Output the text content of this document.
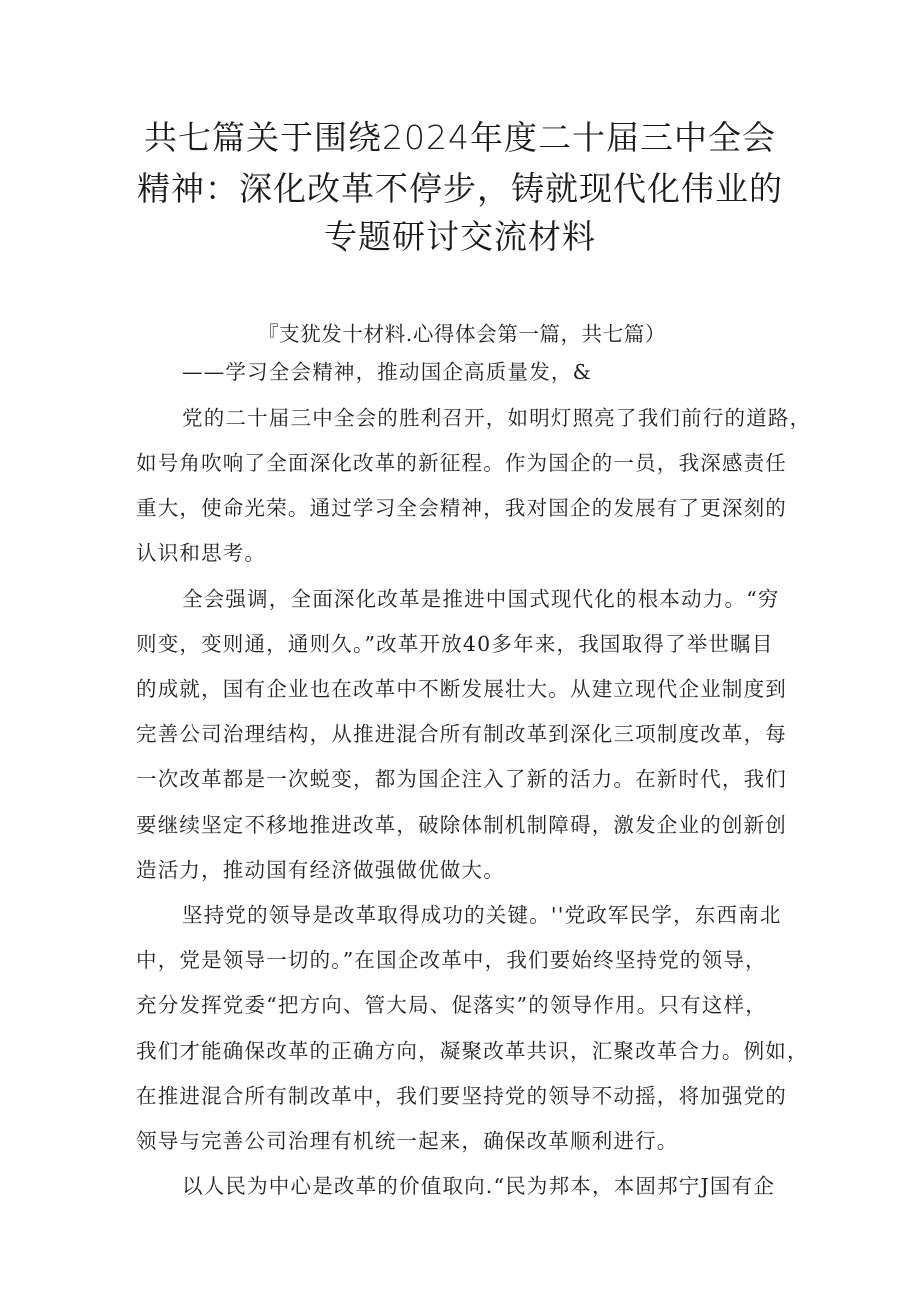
共七篇关于围绕2024年度二十届三中全会
精神：深化改革不停步，铸就现代化伟业的
专题研讨交流材料
『支犹发十材料.心得体会第一篇，共七篇）
——学习全会精神，推动国企高质量发，&
党的二十届三中全会的胜利召开，如明灯照亮了我们前行的道路，
如号角吹响了全面深化改革的新征程。作为国企的一员，我深感责任
重大，使命光荣。通过学习全会精神，我对国企的发展有了更深刻的
认识和思考。
全会强调，全面深化改革是推进中国式现代化的根本动力。“穷
则变，变则通，通则久。”改革开放40多年来，我国取得了举世瞩目
的成就，国有企业也在改革中不断发展壮大。从建立现代企业制度到
完善公司治理结构，从推进混合所有制改革到深化三项制度改革，每
一次改革都是一次蜕变，都为国企注入了新的活力。在新时代，我们
要继续坚定不移地推进改革，破除体制机制障碍，激发企业的创新创
造活力，推动国有经济做强做优做大。
坚持党的领导是改革取得成功的关键。''党政军民学，东西南北
中，党是领导一切的。”在国企改革中，我们要始终坚持党的领导，
充分发挥党委“把方向、管大局、促落实”的领导作用。只有这样，
我们才能确保改革的正确方向，凝聚改革共识，汇聚改革合力。例如，
在推进混合所有制改革中，我们要坚持党的领导不动摇，将加强党的
领导与完善公司治理有机统一起来，确保改革顺利进行。
以人民为中心是改革的价值取向.“民为邦本，本固邦宁J国有企
